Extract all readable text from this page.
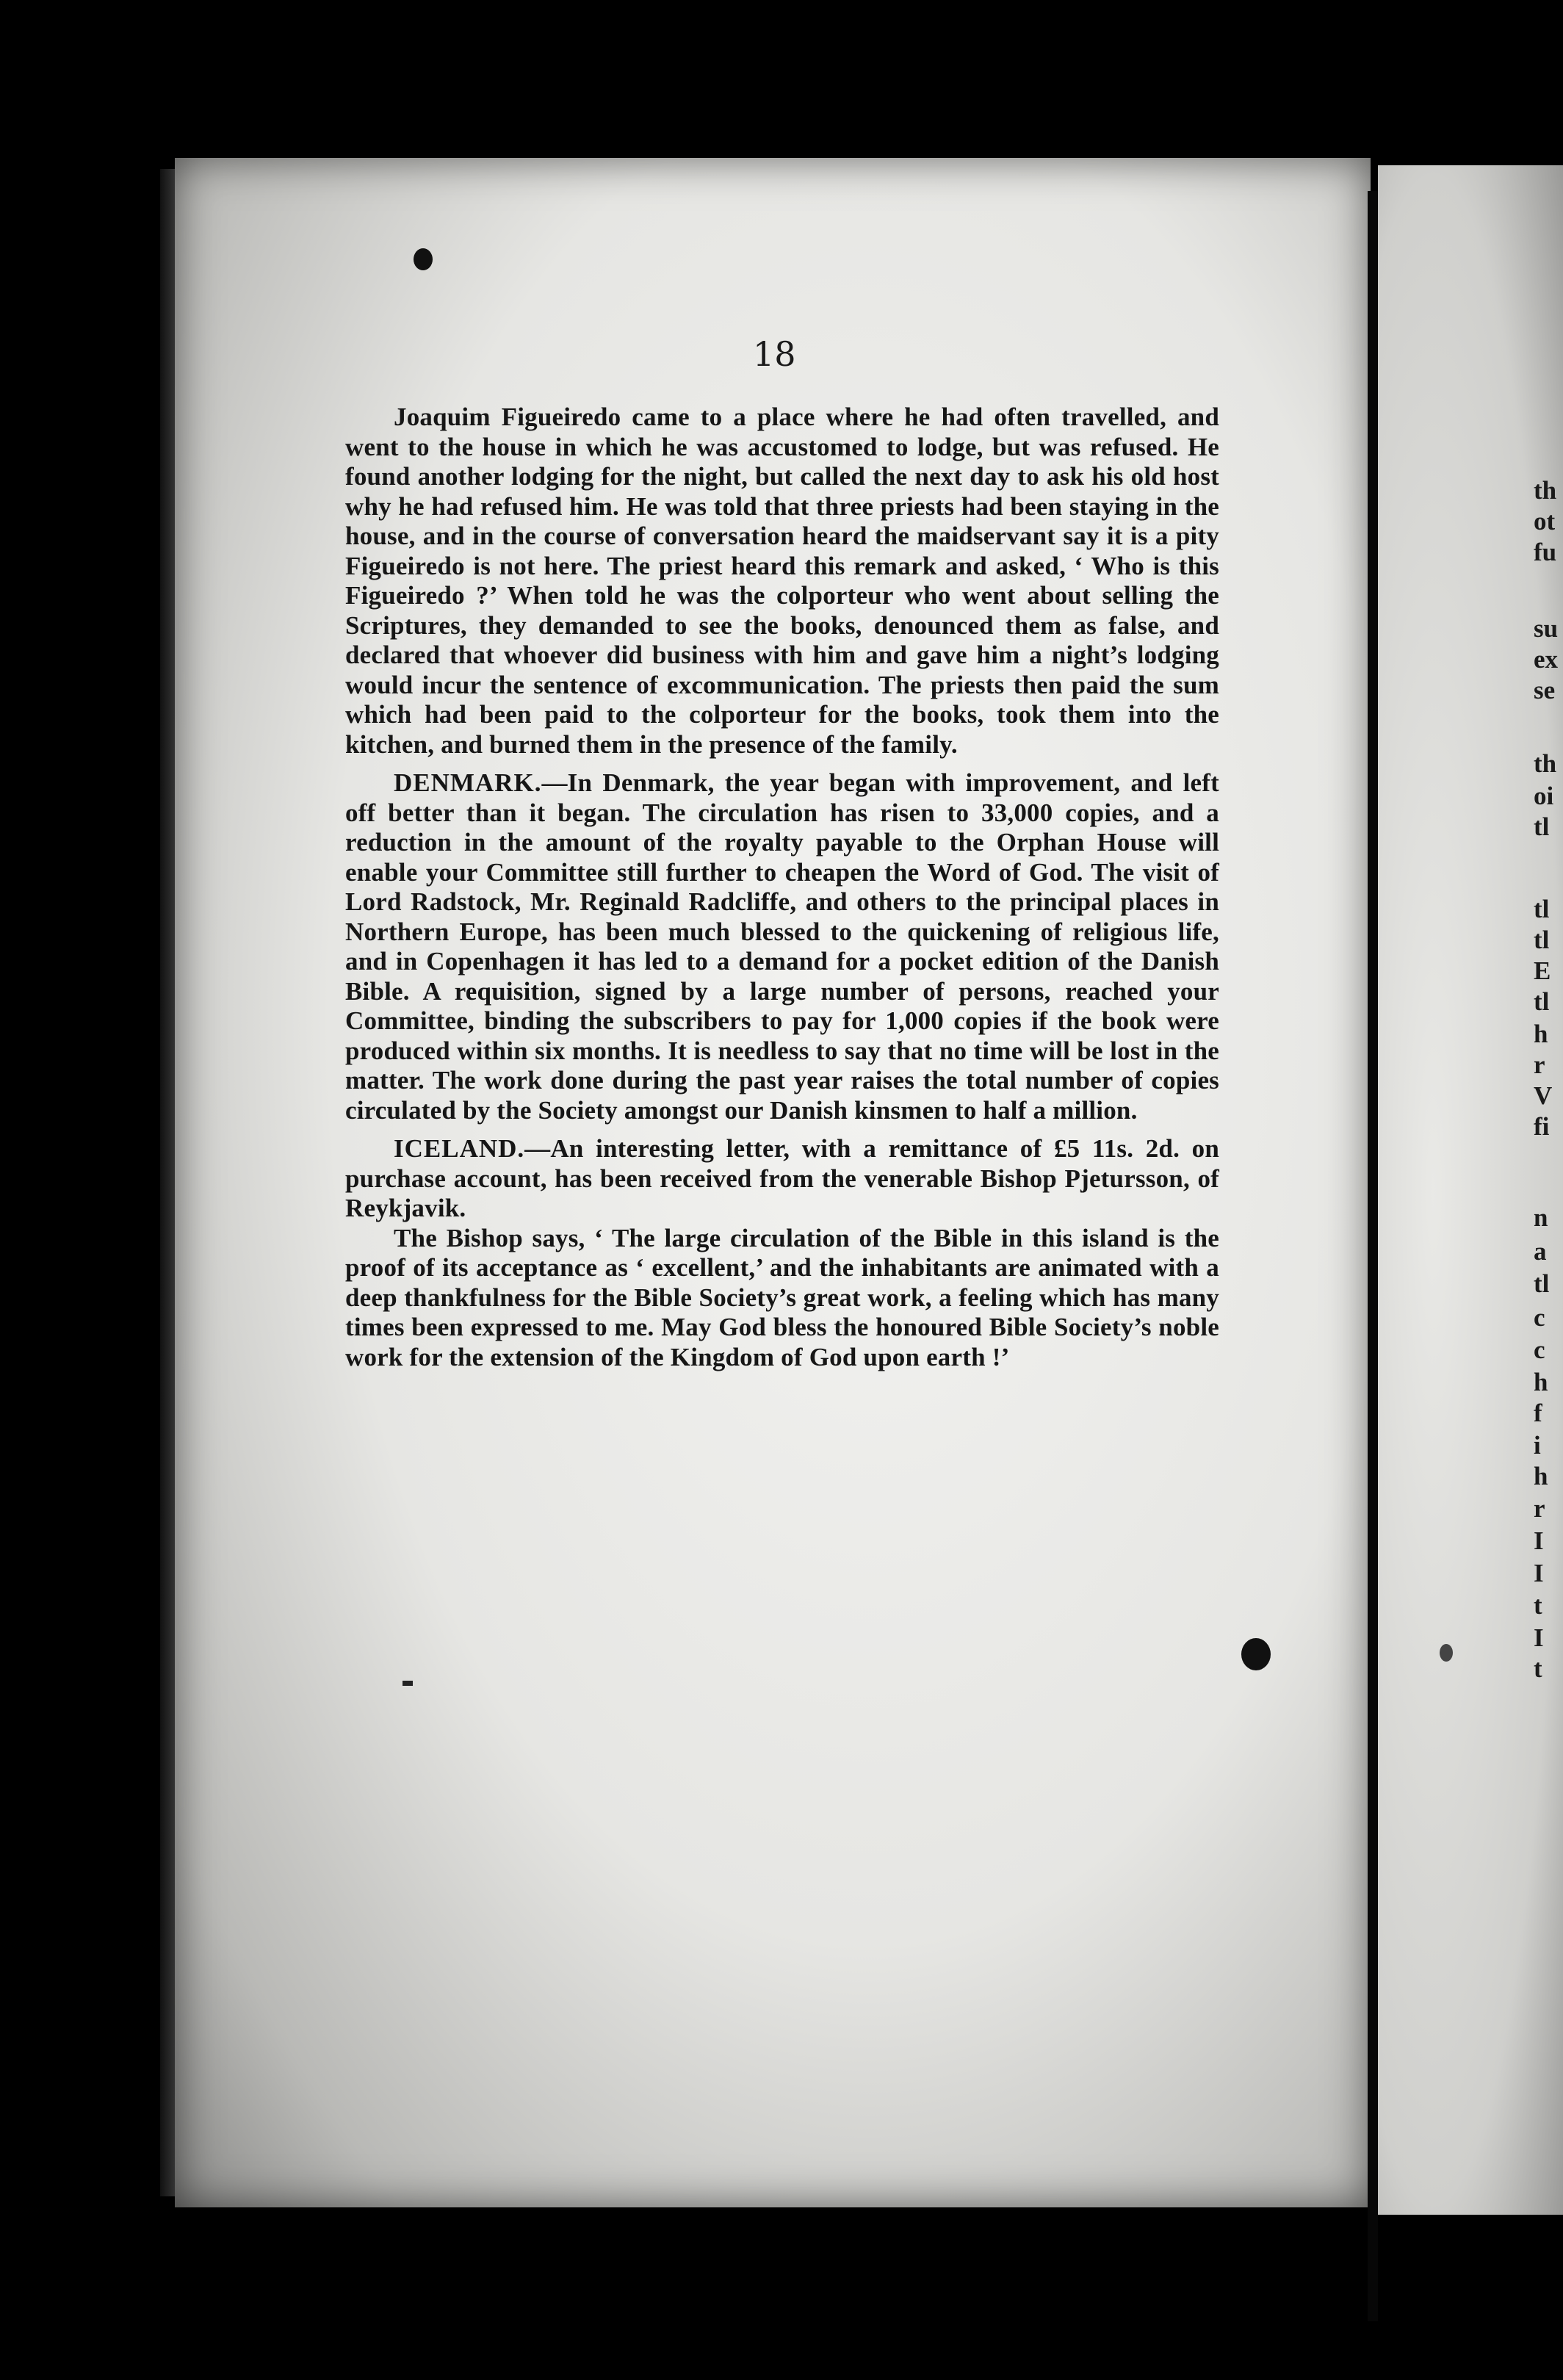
18

Joaquim Figueiredo came to a place where he had often travelled, and went to the house in which he was accustomed to lodge, but was refused. He found another lodging for the night, but called the next day to ask his old host why he had refused him. He was told that three priests had been staying in the house, and in the course of conversation heard the maidservant say it is a pity Figueiredo is not here. The priest heard this remark and asked, ‘ Who is this Figueiredo ?’ When told he was the colporteur who went about selling the Scriptures, they demanded to see the books, denounced them as false, and declared that whoever did business with him and gave him a night’s lodging would incur the sentence of excommunication. The priests then paid the sum which had been paid to the colporteur for the books, took them into the kitchen, and burned them in the presence of the family.

DENMARK.—In Denmark, the year began with improvement, and left off better than it began. The circulation has risen to 33,000 copies, and a reduction in the amount of the royalty payable to the Orphan House will enable your Committee still further to cheapen the Word of God. The visit of Lord Radstock, Mr. Reginald Radcliffe, and others to the principal places in Northern Europe, has been much blessed to the quickening of religious life, and in Copenhagen it has led to a demand for a pocket edition of the Danish Bible. A requisition, signed by a large number of persons, reached your Committee, binding the subscribers to pay for 1,000 copies if the book were produced within six months. It is needless to say that no time will be lost in the matter. The work done during the past year raises the total number of copies circulated by the Society amongst our Danish kinsmen to half a million.

ICELAND.—An interesting letter, with a remittance of £5 11s. 2d. on purchase account, has been received from the venerable Bishop Pjetursson, of Reykjavik.

The Bishop says, ‘ The large circulation of the Bible in this island is the proof of its acceptance as ‘ excellent,’ and the inhabitants are animated with a deep thankfulness for the Bible Society’s great work, a feeling which has many times been expressed to me. May God bless the honoured Bible Society’s noble work for the extension of the Kingdom of God upon earth !’

th
ot
fu
su
ex
se
th
oi
tl
tl
tl
E
tl
h
r
V
fi
n
a
tl
c
c
h
f
i
h
r
I
I
t
I
t
